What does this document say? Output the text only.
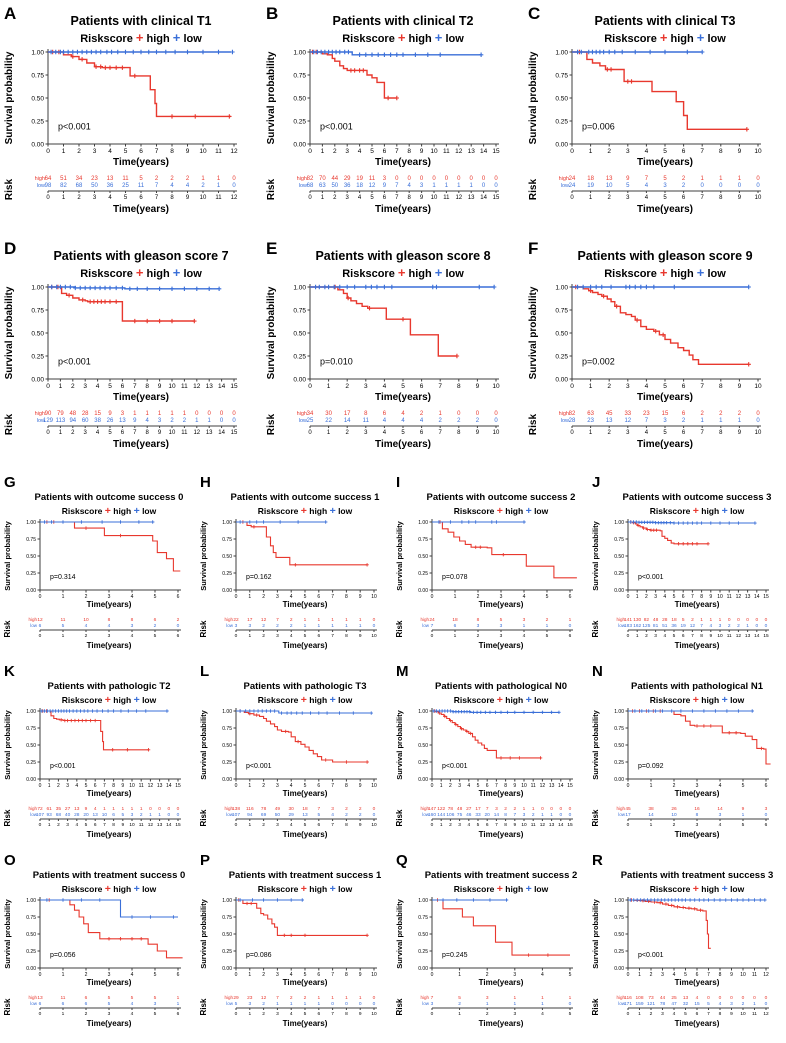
A	Patients with clinical T1
Riskscore + high + low
1.00
0.75
0.50
0.25
0.00
0 1 2 3 4 5 6 7 8 9 10 11 12
Time(years)
Survival probability	p<0.001
Risk	high
low
64 51 34 23 13 11 5 2 2 2 1 1 0
98 82 68 50 36 25 11 7 4 4 2 1 0
0 1 2 3 4 5 6 7 8 9 10 11 12
Time(years)
B	Patients with clinical T2
Riskscore + high + low
1.00
0.75
0.50
0.25
0.00
0 1 2 3 4 5 6 7 8 9 10 11 12 13 14 15
Time(years)
Survival probability	p<0.001
Risk	high
low
82 70 44 29 19 11 3 0 0 0 0 0 0 0 0 0
68 63 50 36 18 12 9 7 4 3 1 1 1 1 0 0
0 1 2 3 4 5 6 7 8 9 10 11 12 13 14 15
Time(years)
C	Patients with clinical T3
Riskscore + high + low
1.00
0.75
0.50
0.25
0.00
0 1 2 3 4 5 6 7 8 9 10
Time(years)
Survival probability	p=0.006
Risk	high
low
24 18 13 9	7	5	2	1	1	1	0
24 19 10 5	4	3	2	0	0	0	0
0	1	2	3	4	5	6	7	8	9 10
Time(years)
D	Patients with gleason score 7
Riskscore + high + low
1.00
0.75
0.50
0.25
0.00
0 1 2 3 4 5 6 7 8 9 10 11 12 13 14 15
Time(years)
Survival probability	p<0.001
Risk	high
low
90 79 48 28 15 9 3 1 1 1 1 1 0 0 0 0
129 113 94 60 38 26 13 9 4 3 2 2 1 1 0 0
0 1 2 3 4 5 6 7 8 9 10 11 12 13 14 15
Time(years)
E	Patients with gleason score 8
Riskscore + high + low
1.00
0.75
0.50
0.25
0.00
0 1 2 3 4 5 6 7 8 9 10
Time(years)
Survival probability	p=0.010
Risk	high
low
34 30 17 8	6	4	2	1	0	0	0
25 22 14 11 4	4	4	2	2	2	0
0	1	2	3	4	5	6	7	8	9 10
Time(years)
F	Patients with gleason score 9
Riskscore + high + low
1.00
0.75
0.50
0.25
0.00
0 1 2 3 4 5 6 7 8 9 10
Time(years)
Survival probability	p=0.002
Risk	high
low
82 63 45 33 23 15 6	2	2	2	0
28 23 13 12 7	3	2	1	1	1	0
0	1	2	3	4	5	6	7	8	9 10
Time(years)
G
Patients with outcome success 0
Riskscore + high + low
1.00
0.75
0.50
0.25
0.00
0	1	2	3	4	5	6
Time(years)
Survival probability	p=0.314
Risk
high
low
12	11	10	8	8	6	2
6	5	4	4	3	2	0
0	1	2	3	4	5	6
Time(years)
H
Patients with outcome success 1
Riskscore + high + low
1.00
0.75
0.50
0.25
0.00
0 1 2 3 4 5 6 7 8 9 10
Time(years)
Survival probability	p=0.162
Risk
high
low
22 17 12 7 2 1 1 1 1 1 0
3 3 2 2 2 1 1 1 1 1 0
0 1 2 3 4 5 6 7 8 9 10
Time(years)
I
Patients with outcome success 2
Riskscore + high + low
1.00
0.75
0.50
0.25
0.00
0	1	2	3	4	5	6
Time(years)
Survival probability	p=0.078
Risk
high
low
24	18	8	5	3	2	1
7	6	3	3	1	1	0
0	1	2	3	4	5	6
Time(years)
J
Patients with outcome success 3
Riskscore + high + low
1.00
0.75
0.50
0.25
0.00
0 1 2 3 4 5 6 7 8 9 10 11 12 13 14 15
Time(years)
Survival probability	p<0.001
Risk
high
low
141 130 82 48 28 18 5 2 1 1 1 0 0 0 0 0
183 162 125 81 51 36 19 12 7 4 3 2 2 1 0 0
0 1 2 3 4 5 6 7 8 9 10 11 12 13 14 15
Time(years)
K
Patients with pathologic T2
Riskscore + high + low
1.00
0.75
0.50
0.25
0.00
0 1 2 3 4 5 6 7 8 9 10 11 12 13 14 15
Time(years)
Survival probability	p<0.001
Risk
high
low
72 61 35 27 13 9 4 1 1 1 1 1 0 0 0 0
107 93 68 40 28 20 13 10 6 5 3 2 1 1 0 0
0 1 2 3 4 5 6 7 8 9 10 11 12 13 14 15
Time(years)
L
Patients with pathologic T3
Riskscore + high + low
1.00
0.75
0.50
0.25
0.00
0 1 2 3 4 5 6 7 8 9 10
Time(years)
Survival probability	p<0.001
Risk
high
low
138 116 78 49 30 18 7 3 2 2 0
107 94 69 50 29 13 5 4 2 2 0
0 1 2 3 4 5 6 7 8 9 10
Time(years)
M
Patients with pathological N0
Riskscore + high + low
1.00
0.75
0.50
0.25
0.00
0 1 2 3 4 5 6 7 8 9 10 11 12 13 14 15
Time(years)
Survival probability	p<0.001
Risk
high
low
147 122 78 48 27 17 7 3 2 2 1 1 0 0 0 0
160 144 106 75 46 33 20 14 8 7 3 2 1 1 0 0
0 1 2 3 4 5 6 7 8 9 10 11 12 13 14 15
Time(years)
N
Patients with pathological N1
Riskscore + high + low
1.00
0.75
0.50
0.25
0.00
0	1	2	3	4	5	6
Time(years)
Survival probability	p=0.092
Risk
high
low
45	38	26	16	14	9	3
17	14	10	8	3	1	0
0	1	2	3	4	5	6
Time(years)
O
Patients with treatment success 0
Riskscore + high + low
1.00
0.75
0.50
0.25
0.00
0	1	2	3	4	5	6
Time(years)
Survival probability	p=0.056
Risk
high
low
13	11	6	5	5	5	1
6	6	6	5	4	3	1
0	1	2	3	4	5	6
Time(years)
P
Patients with treatment success 1
Riskscore + high + low
1.00
0.75
0.50
0.25
0.00
0 1 2 3 4 5 6 7 8 9 10
Time(years)
Survival probability	p=0.086
Risk
high
low
29 23 12 7 2 2 1 1 1 1 0
5 3 2 1 1 1 1 0 0 0 0
0 1 2 3 4 5 6 7 8 9 10
Time(years)
Q
Patients with treatment success 2
Riskscore + high + low
1.00
0.75
0.50
0.25
0.00
0	1	2	3	4	5
Time(years)
Survival probability	p=0.245
Risk
high
low
7	5	3	1	1	1
3	2	1	1	1	0
0	1	2	3	4	5
Time(years)
R
Patients with treatment success 3
Riskscore + high + low
1.00
0.75
0.50
0.25
0.00
0 1 2 3 4 5 6 7 8 9 10 11 12
Time(years)
Survival probability	p<0.001
Risk
high
low
116 108 73 44 25 13 4 0 0 0 0 0 0
171 159 121 78 47 32 15 5 4 3 2 1 0
0 1 2 3 4 5 6 7 8 9 10 11 12
Time(years)
